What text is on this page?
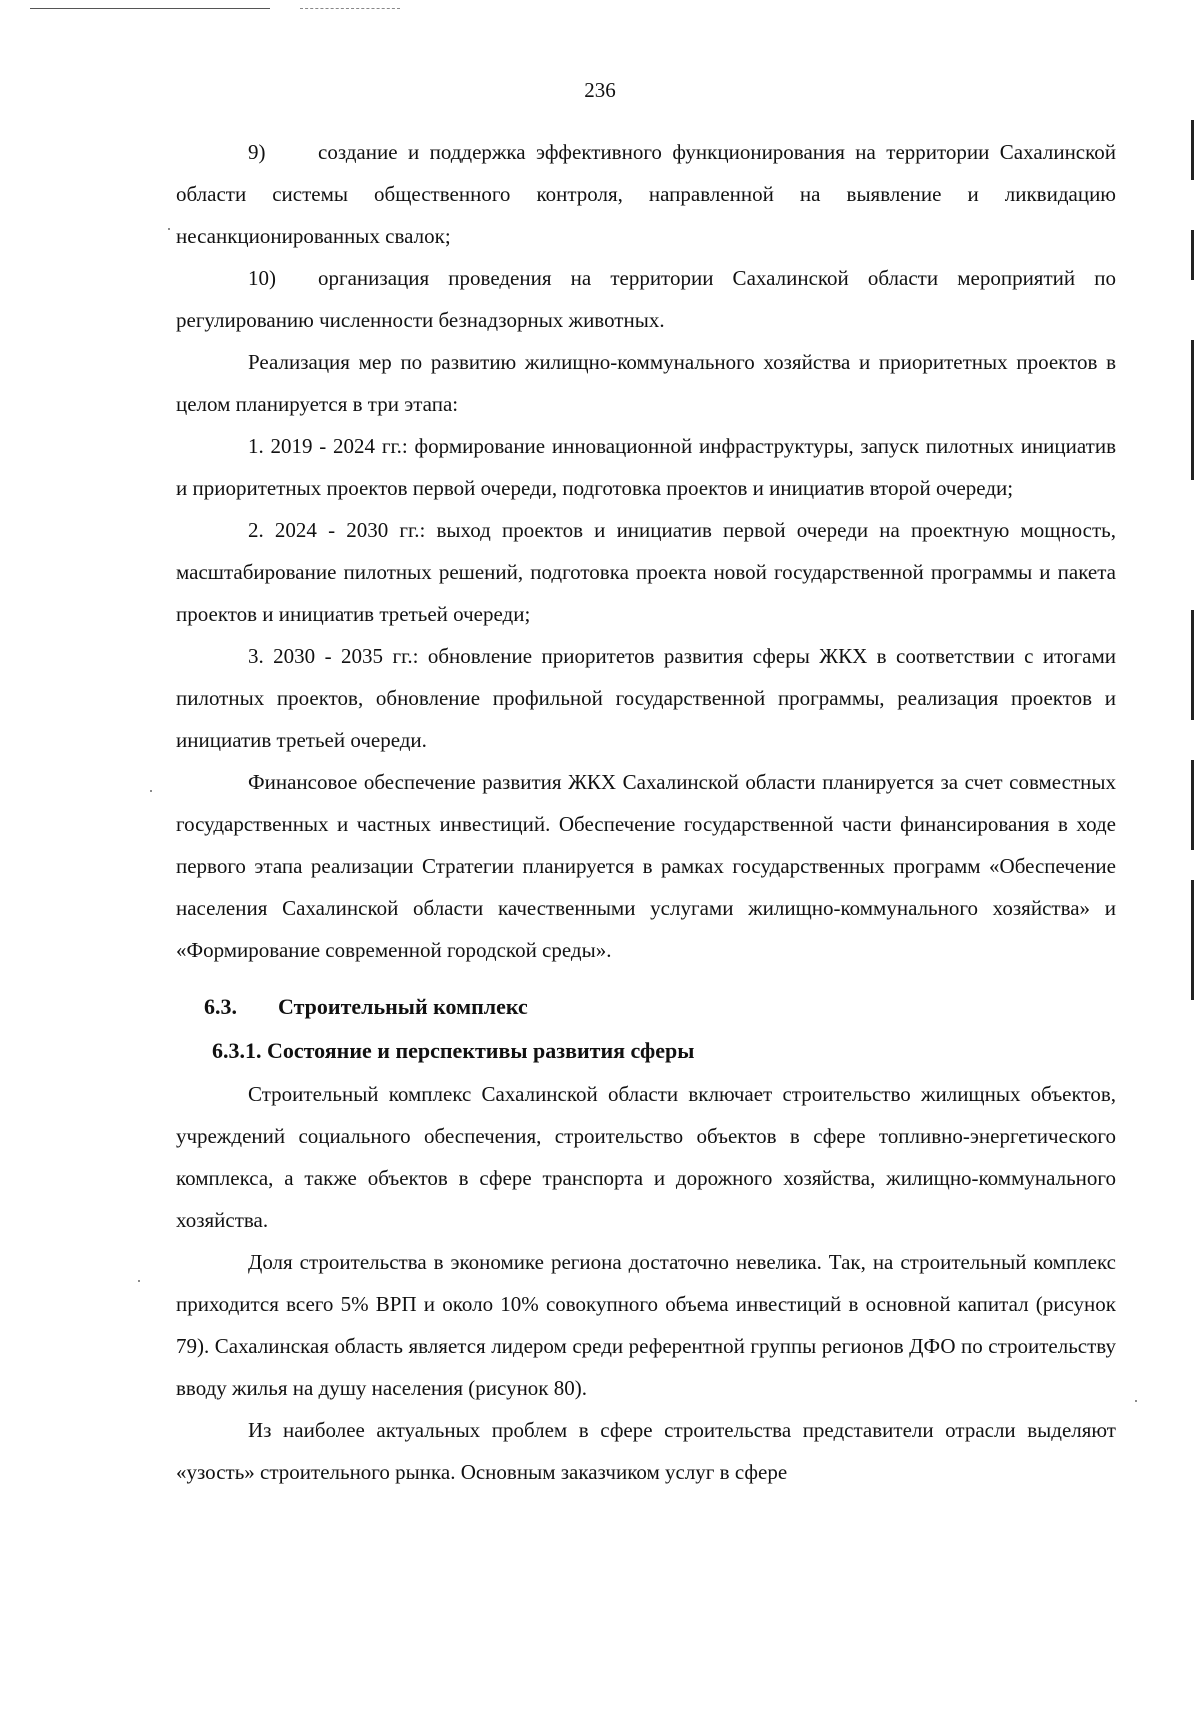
236

9)	создание и поддержка эффективного функционирования на территории Сахалинской области системы общественного контроля, направленной на выявление и ликвидацию несанкционированных свалок;

10) организация проведения на территории Сахалинской области мероприятий по регулированию численности безнадзорных животных.

Реализация мер по развитию жилищно-коммунального хозяйства и приоритетных проектов в целом планируется в три этапа:

1. 2019 - 2024 гг.: формирование инновационной инфраструктуры, запуск пилотных инициатив и приоритетных проектов первой очереди, подготовка проектов и инициатив второй очереди;

2. 2024 - 2030 гг.: выход проектов и инициатив первой очереди на проектную мощность, масштабирование пилотных решений, подготовка проекта новой государственной программы и пакета проектов и инициатив третьей очереди;

3. 2030 - 2035 гг.: обновление приоритетов развития сферы ЖКХ в соответствии с итогами пилотных проектов, обновление профильной государственной программы, реализация проектов и инициатив третьей очереди.

Финансовое обеспечение развития ЖКХ Сахалинской области планируется за счет совместных государственных и частных инвестиций. Обеспечение государственной части финансирования в ходе первого этапа реализации Стратегии планируется в рамках государственных программ «Обеспечение населения Сахалинской области качественными услугами жилищно-коммунального хозяйства» и «Формирование современной городской среды».

6.3. Строительный комплекс
6.3.1. Состояние и перспективы развития сферы

Строительный комплекс Сахалинской области включает строительство жилищных объектов, учреждений социального обеспечения, строительство объектов в сфере топливно-энергетического комплекса, а также объектов в сфере транспорта и дорожного хозяйства, жилищно-коммунального хозяйства.

Доля строительства в экономике региона достаточно невелика. Так, на строительный комплекс приходится всего 5% ВРП и около 10% совокупного объема инвестиций в основной капитал (рисунок 79). Сахалинская область является лидером среди референтной группы регионов ДФО по строительству вводу жилья на душу населения (рисунок 80).

Из наиболее актуальных проблем в сфере строительства представители отрасли выделяют «узость» строительного рынка. Основным заказчиком услуг в сфере
